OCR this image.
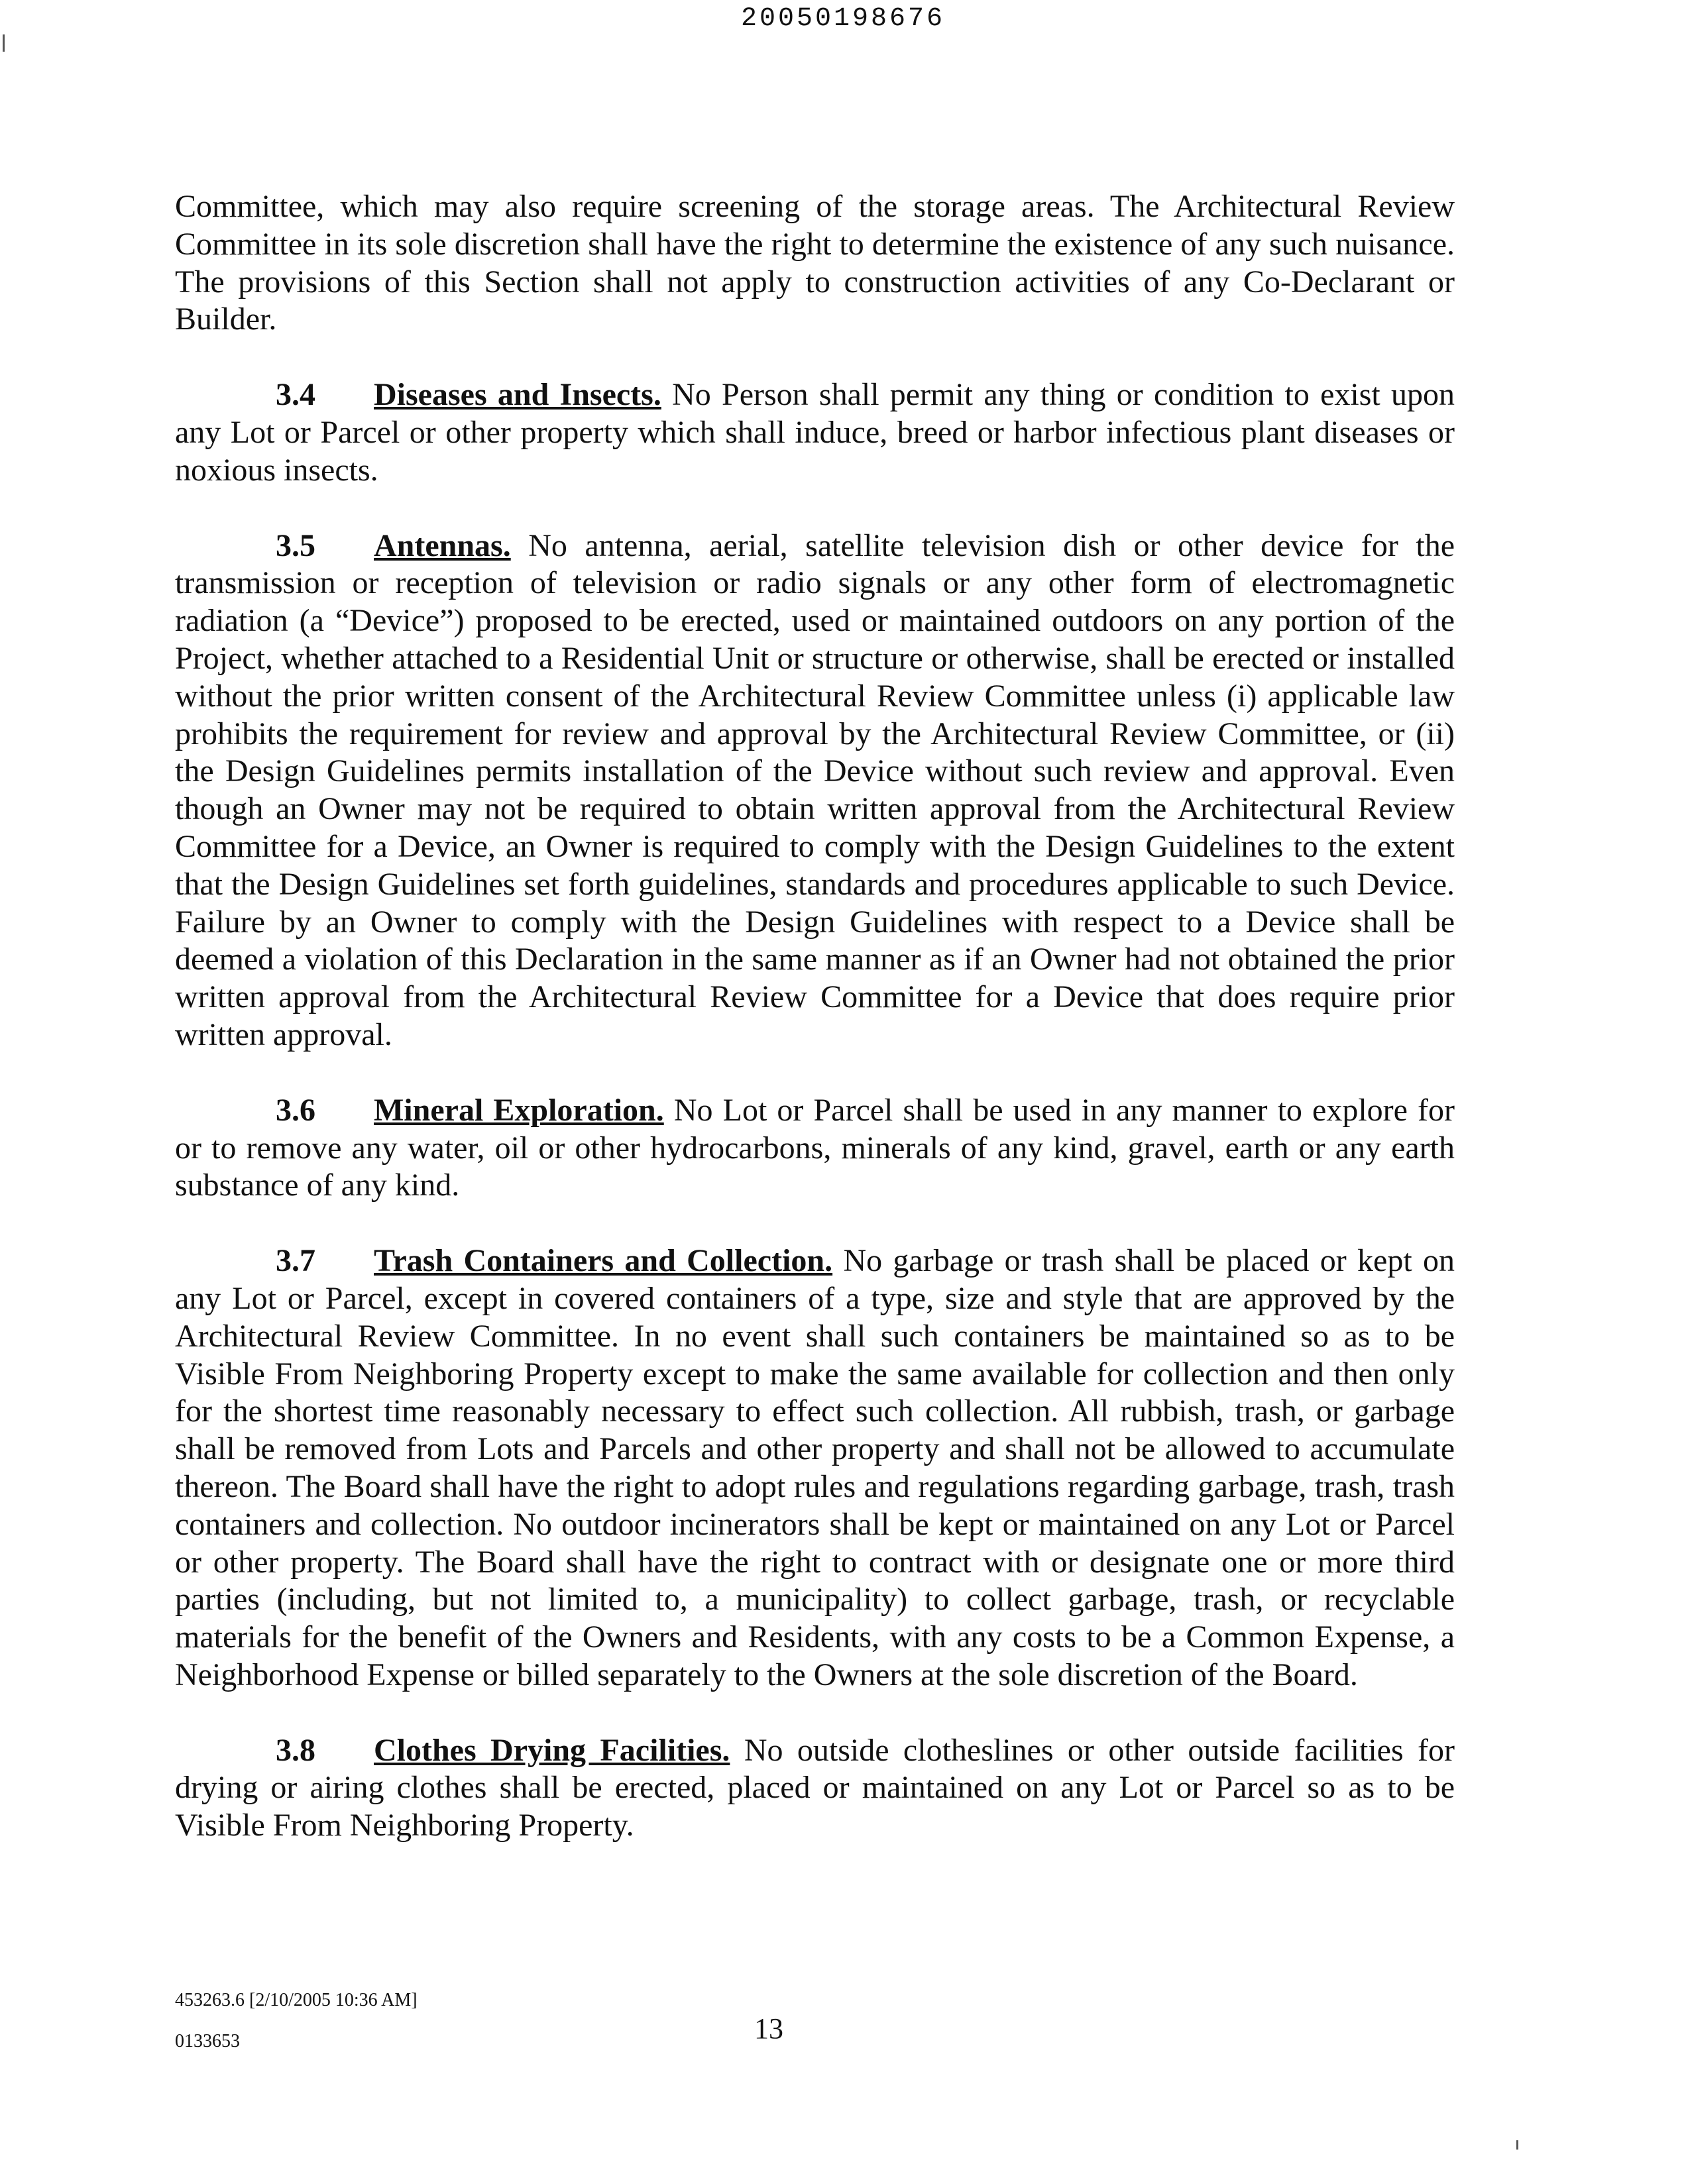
20050198676

Committee, which may also require screening of the storage areas. The Architectural Review Committee in its sole discretion shall have the right to determine the existence of any such nuisance. The provisions of this Section shall not apply to construction activities of any Co-Declarant or Builder.

3.4 Diseases and Insects. No Person shall permit any thing or condition to exist upon any Lot or Parcel or other property which shall induce, breed or harbor infectious plant diseases or noxious insects.

3.5 Antennas. No antenna, aerial, satellite television dish or other device for the transmission or reception of television or radio signals or any other form of electromagnetic radiation (a “Device”) proposed to be erected, used or maintained outdoors on any portion of the Project, whether attached to a Residential Unit or structure or otherwise, shall be erected or installed without the prior written consent of the Architectural Review Committee unless (i) applicable law prohibits the requirement for review and approval by the Architectural Review Committee, or (ii) the Design Guidelines permits installation of the Device without such review and approval. Even though an Owner may not be required to obtain written approval from the Architectural Review Committee for a Device, an Owner is required to comply with the Design Guidelines to the extent that the Design Guidelines set forth guidelines, standards and procedures applicable to such Device. Failure by an Owner to comply with the Design Guidelines with respect to a Device shall be deemed a violation of this Declaration in the same manner as if an Owner had not obtained the prior written approval from the Architectural Review Committee for a Device that does require prior written approval.

3.6 Mineral Exploration. No Lot or Parcel shall be used in any manner to explore for or to remove any water, oil or other hydrocarbons, minerals of any kind, gravel, earth or any earth substance of any kind.

3.7 Trash Containers and Collection. No garbage or trash shall be placed or kept on any Lot or Parcel, except in covered containers of a type, size and style that are approved by the Architectural Review Committee. In no event shall such containers be maintained so as to be Visible From Neighboring Property except to make the same available for collection and then only for the shortest time reasonably necessary to effect such collection. All rubbish, trash, or garbage shall be removed from Lots and Parcels and other property and shall not be allowed to accumulate thereon. The Board shall have the right to adopt rules and regulations regarding garbage, trash, trash containers and collection. No outdoor incinerators shall be kept or maintained on any Lot or Parcel or other property. The Board shall have the right to contract with or designate one or more third parties (including, but not limited to, a municipality) to collect garbage, trash, or recyclable materials for the benefit of the Owners and Residents, with any costs to be a Common Expense, a Neighborhood Expense or billed separately to the Owners at the sole discretion of the Board.

3.8 Clothes Drying Facilities. No outside clotheslines or other outside facilities for drying or airing clothes shall be erected, placed or maintained on any Lot or Parcel so as to be Visible From Neighboring Property.

453263.6 [2/10/2005 10:36 AM]
0133653	13
